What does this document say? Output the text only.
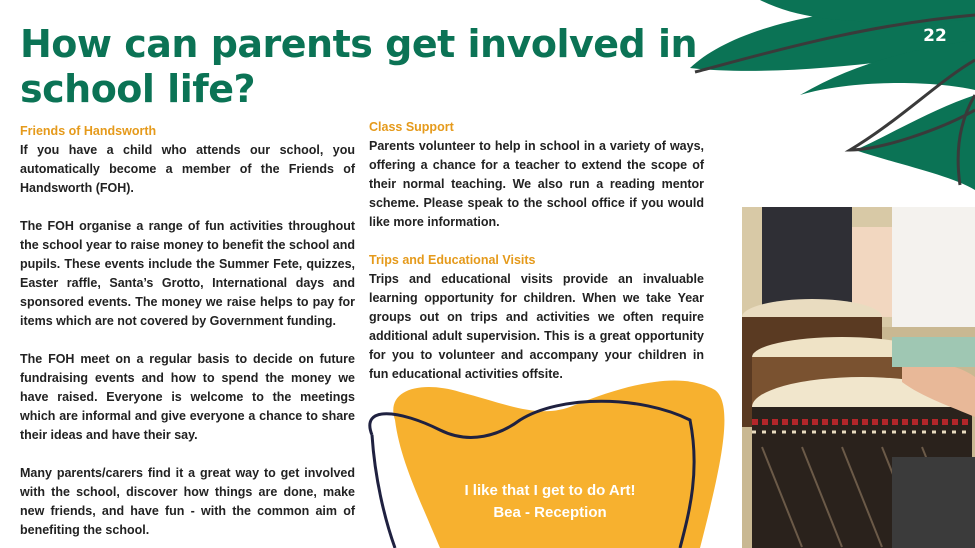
22
How can parents get involved in school life?

Friends of Handsworth

If you have a child who attends our school, you automatically become a member of the Friends of Handsworth (FOH).

The FOH organise a range of fun activities throughout the school year to raise money to benefit the school and pupils. These events include the Summer Fete, quizzes, Easter raffle, Santa’s Grotto, International days and sponsored events. The money we raise helps to pay for items which are not covered by Government funding.

The FOH meet on a regular basis to decide on future fundraising events and how to spend the money we have raised. Everyone is welcome to the meetings which are informal and give everyone a chance to share their ideas and have their say.

Many parents/carers find it a great way to get involved with the school, discover how things are done, make new friends, and have fun - with the common aim of benefiting the school.

Class Support

Parents volunteer to help in school in a variety of ways, offering a chance for a teacher to extend the scope of their normal teaching. We also run a reading mentor scheme. Please speak to the school office if you would like more information.

Trips and Educational Visits

Trips and educational visits provide an invaluable learning opportunity for children. When we take Year groups out on trips and activities we often require additional adult supervision. This is a great opportunity for you to volunteer and accompany your children in fun educational activities offsite.

I like that I get to do Art!
Bea - Reception
